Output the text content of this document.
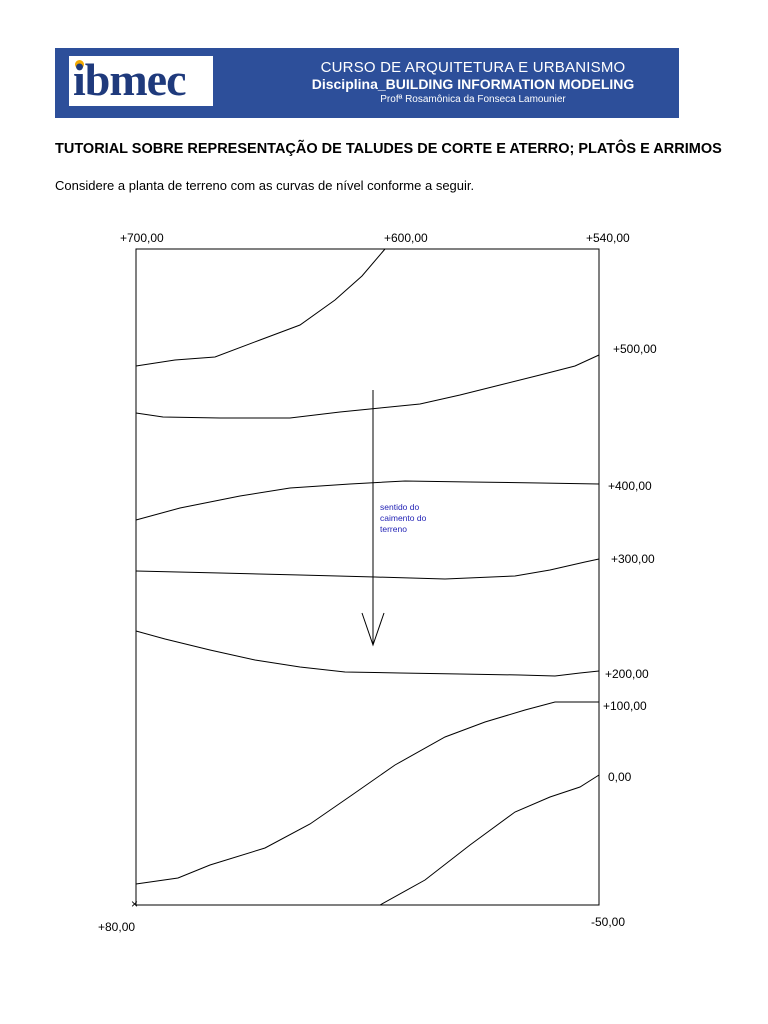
ibmec	CURSO DE ARQUITETURA E URBANISMO
Disciplina_BUILDING INFORMATION MODELING
Profª Rosamônica da Fonseca Lamounier
TUTORIAL SOBRE REPRESENTAÇÃO DE TALUDES DE CORTE E ATERRO; PLATÔS E ARRIMOS
Considere a planta de terreno com as curvas de nível conforme a seguir.
×
+700,00	+600,00	+540,00
+80,00	-50,00
+500,00
+400,00
+300,00
+200,00
+100,00
0,00
sentido do
caimento do
terreno
